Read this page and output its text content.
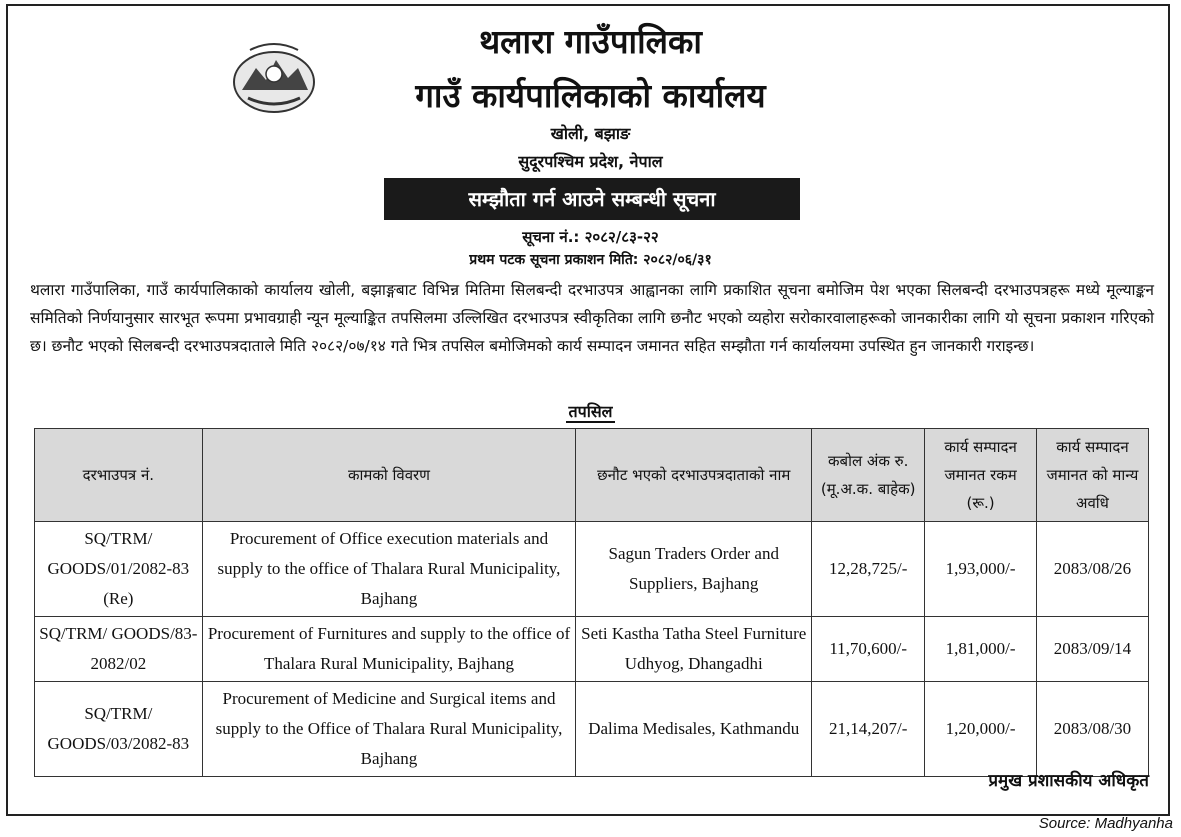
थलारा गाउँपालिका
गाउँ कार्यपालिकाको कार्यालय
खोली, बझाङ
सुदूरपश्चिम प्रदेश, नेपाल
सम्झौता गर्न आउने सम्बन्धी सूचना
सूचना नं.: २०८२/८३-२२
प्रथम पटक सूचना प्रकाशन मिति: २०८२/०६/३१
थलारा गाउँपालिका, गाउँ कार्यपालिकाको कार्यालय खोली, बझाङ्गबाट विभिन्न मितिमा सिलबन्दी दरभाउपत्र आह्वानका लागि प्रकाशित सूचना बमोजिम पेश भएका सिलबन्दी दरभाउपत्रहरू मध्ये मूल्याङ्कन समितिको निर्णयानुसार सारभूत रूपमा प्रभावग्राही न्यून मूल्याङ्कित तपसिलमा उल्लिखित दरभाउपत्र स्वीकृतिका लागि छनौट भएको व्यहोरा सरोकारवालाहरूको जानकारीका लागि यो सूचना प्रकाशन गरिएको छ। छनौट भएको सिलबन्दी दरभाउपत्रदाताले मिति २०८२/०७/१४ गते भित्र तपसिल बमोजिमको कार्य सम्पादन जमानत सहित सम्झौता गर्न कार्यालयमा उपस्थित हुन जानकारी गराइन्छ।
तपसिल
दरभाउपत्र नं.	कामको विवरण	छनौट भएको दरभाउपत्रदाताको नाम	कबोल अंक रु. (मू.अ.क. बाहेक)	कार्य सम्पादन जमानत रकम (रू.)	कार्य सम्पादन जमानत को मान्य अवधि
SQ/TRM/ GOODS/01/2082-83 (Re)	Procurement of Office execution materials and supply to the office of Thalara Rural Municipality, Bajhang	Sagun Traders Order and Suppliers, Bajhang	12,28,725/-	1,93,000/-	2083/08/26
SQ/TRM/ GOODS/83-2082/02	Procurement of Furnitures and supply to the office of Thalara Rural Municipality, Bajhang	Seti Kastha Tatha Steel Furniture Udhyog, Dhangadhi	11,70,600/-	1,81,000/-	2083/09/14
SQ/TRM/ GOODS/03/2082-83	Procurement of Medicine and Surgical items and supply to the Office of Thalara Rural Municipality, Bajhang	Dalima Medisales, Kathmandu	21,14,207/-	1,20,000/-	2083/08/30
प्रमुख प्रशासकीय अधिकृत
Source: Madhyanha
